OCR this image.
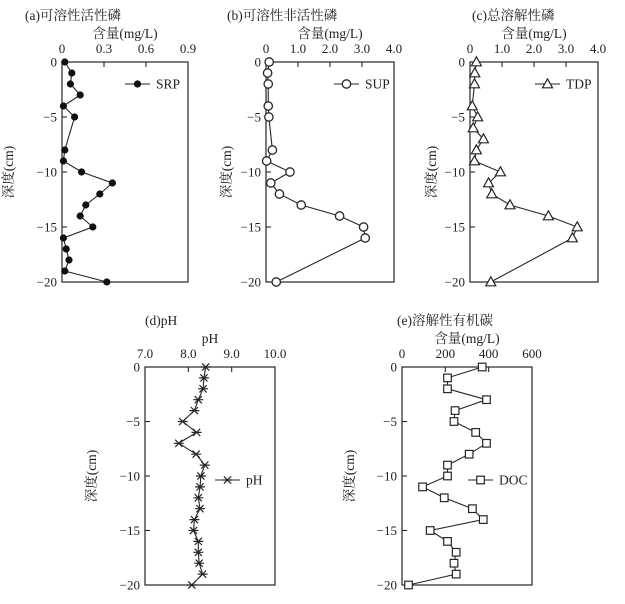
(a)可溶性活性磷
含量(mg/L)
深度(cm)
0 0.3 0.6 0.9
0
−5
−10
−15
−20
SRP
(b)可溶性非活性磷
含量(mg/L)
深度(cm)
0 1.0 2.0 3.0 4.0
0
−5
−10
−15
−20
SUP
(c)总溶解性磷
含量(mg/L)
深度(cm)
0 1.0 2.0 3.0 4.0
0
−5
−10
−15
−20
TDP
(d)pH
pH
深度(cm)
7.0 8.0 9.0 10.0
0
−5
−10
−15
−20
pH
(e)溶解性有机碳
含量(mg/L)
深度(cm)
0 200 400 600
0
−5
−10
−15
−20
DOC
